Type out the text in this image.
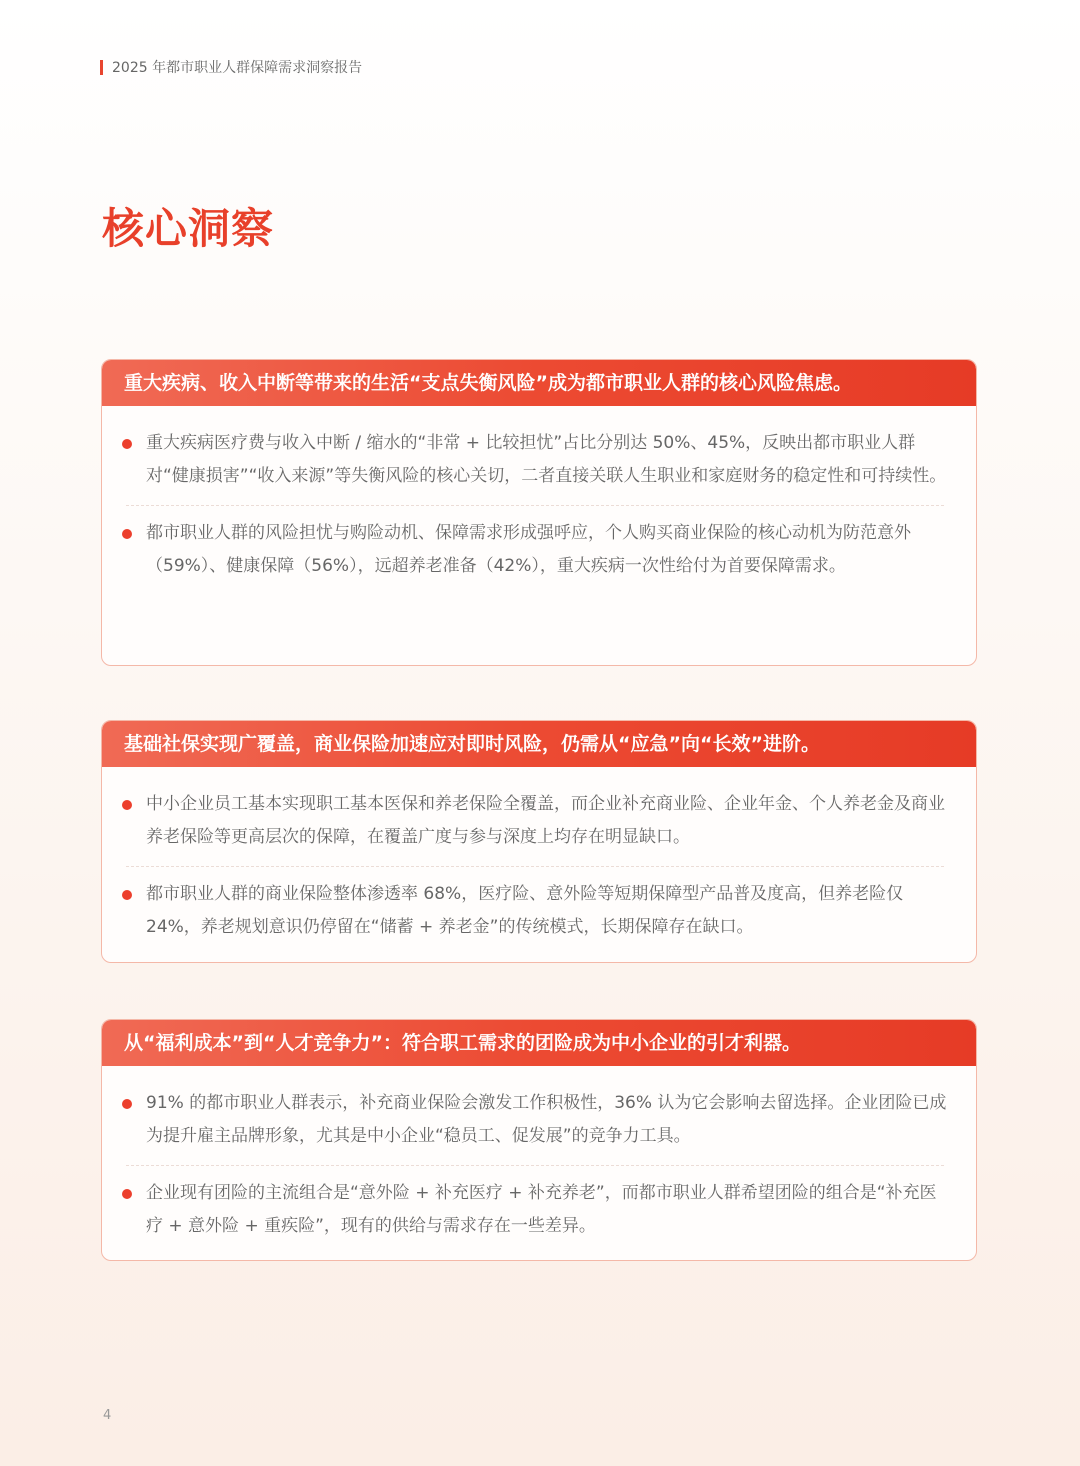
2025 年都市职业人群保障需求洞察报告
核心洞察
重大疾病、收入中断等带来的生活“支点失衡风险”成为都市职业人群的核心风险焦虑。
重大疾病医疗费与收入中断 / 缩水的“非常 + 比较担忧”占比分别达 50%、45%，反映出都市职业人群对“健康损害”“收入来源”等失衡风险的核心关切，二者直接关联人生职业和家庭财务的稳定性和可持续性。
都市职业人群的风险担忧与购险动机、保障需求形成强呼应，个人购买商业保险的核心动机为防范意外（59%）、健康保障（56%），远超养老准备（42%），重大疾病一次性给付为首要保障需求。
基础社保实现广覆盖，商业保险加速应对即时风险，仍需从“应急”向“长效”进阶。
中小企业员工基本实现职工基本医保和养老保险全覆盖，而企业补充商业险、企业年金、个人养老金及商业养老保险等更高层次的保障，在覆盖广度与参与深度上均存在明显缺口。
都市职业人群的商业保险整体渗透率 68%，医疗险、意外险等短期保障型产品普及度高，但养老险仅 24%，养老规划意识仍停留在“储蓄 + 养老金”的传统模式，长期保障存在缺口。
从“福利成本”到“人才竞争力”：符合职工需求的团险成为中小企业的引才利器。
91% 的都市职业人群表示，补充商业保险会激发工作积极性，36% 认为它会影响去留选择。企业团险已成为提升雇主品牌形象，尤其是中小企业“稳员工、促发展”的竞争力工具。
企业现有团险的主流组合是“意外险 + 补充医疗 + 补充养老”，而都市职业人群希望团险的组合是“补充医疗 + 意外险 + 重疾险”，现有的供给与需求存在一些差异。
4
